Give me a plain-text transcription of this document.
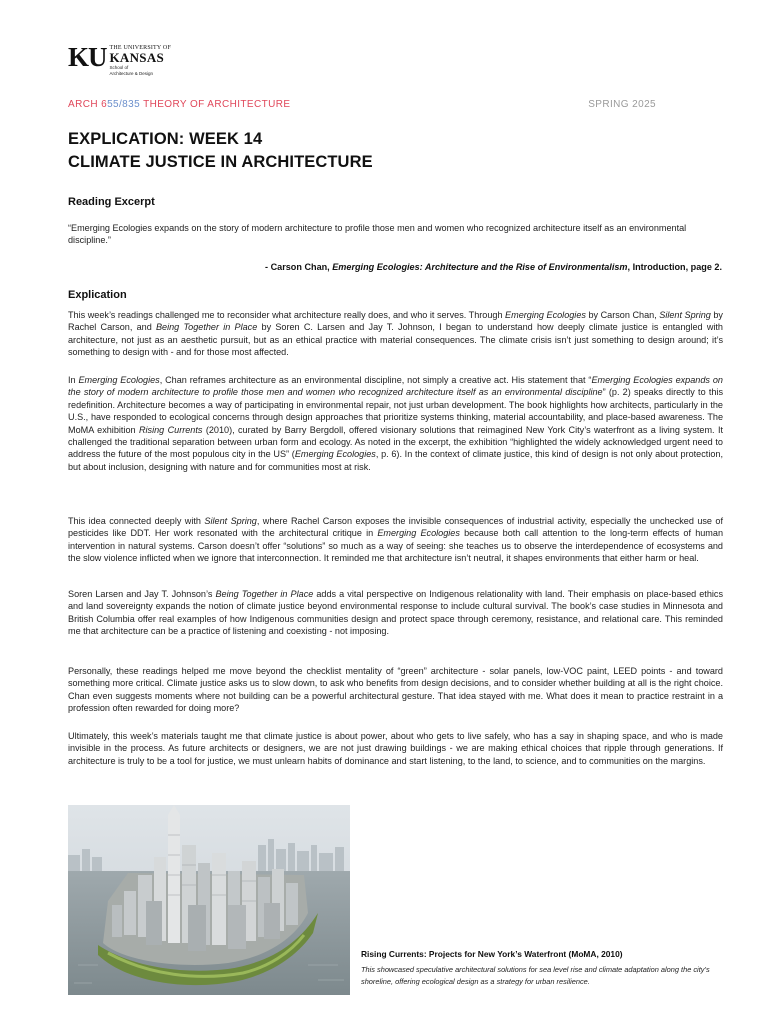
KU THE UNIVERSITY OF
KANSAS
School of
Architecture & Design
ARCH 655/835 THEORY OF ARCHITECTURE	SPRING 2025
EXPLICATION: WEEK 14
CLIMATE JUSTICE IN ARCHITECTURE
Reading Excerpt
“Emerging Ecologies expands on the story of modern architecture to profile those men and women who recognized architecture itself as an environmental discipline.”
- Carson Chan, Emerging Ecologies: Architecture and the Rise of Environmentalism, Introduction, page 2.
Explication
This week’s readings challenged me to reconsider what architecture really does, and who it serves. Through Emerging Ecologies by Carson Chan, Silent Spring by Rachel Carson, and Being Together in Place by Soren C. Larsen and Jay T. Johnson, I began to understand how deeply climate justice is entangled with architecture, not just as an aesthetic pursuit, but as an ethical practice with material consequences. The climate crisis isn’t just something to design around; it’s something to design with - and for those most affected.
In Emerging Ecologies, Chan reframes architecture as an environmental discipline, not simply a creative act. His statement that “Emerging Ecologies expands on the story of modern architecture to profile those men and women who recognized architecture itself as an environmental discipline” (p. 2) speaks directly to this redefinition. Architecture becomes a way of participating in environmental repair, not just urban development. The book highlights how architects, particularly in the U.S., have responded to ecological concerns through design approaches that prioritize systems thinking, material accountability, and place-based awareness. The MoMA exhibition Rising Currents (2010), curated by Barry Bergdoll, offered visionary solutions that reimagined New York City’s waterfront as a living system. It challenged the traditional separation between urban form and ecology. As noted in the excerpt, the exhibition “highlighted the widely acknowledged urgent need to address the future of the most populous city in the US” (Emerging Ecologies, p. 6). In the context of climate justice, this kind of design is not only about protection, but about inclusion, designing with nature and for communities most at risk.
This idea connected deeply with Silent Spring, where Rachel Carson exposes the invisible consequences of industrial activity, especially the unchecked use of pesticides like DDT. Her work resonated with the architectural critique in Emerging Ecologies because both call attention to the long-term effects of human intervention in natural systems. Carson doesn’t offer “solutions” so much as a way of seeing: she teaches us to observe the interdependence of ecosystems and the slow violence inflicted when we ignore that interconnection. It reminded me that architecture isn’t neutral, it shapes environments that either harm or heal.
Soren Larsen and Jay T. Johnson’s Being Together in Place adds a vital perspective on Indigenous relationality with land. Their emphasis on place-based ethics and land sovereignty expands the notion of climate justice beyond environmental response to include cultural survival. The book’s case studies in Minnesota and British Columbia offer real examples of how Indigenous communities design and protect space through ceremony, resistance, and relational care. This reminded me that architecture can be a practice of listening and coexisting - not imposing.
Personally, these readings helped me move beyond the checklist mentality of “green” architecture - solar panels, low-VOC paint, LEED points - and toward something more critical. Climate justice asks us to slow down, to ask who benefits from design decisions, and to consider whether building at all is the right choice. Chan even suggests moments where not building can be a powerful architectural gesture. That idea stayed with me. What does it mean to practice restraint in a profession often rewarded for doing more?
Ultimately, this week’s materials taught me that climate justice is about power, about who gets to live safely, who has a say in shaping space, and who is made invisible in the process. As future architects or designers, we are not just drawing buildings - we are making ethical choices that ripple through generations. If architecture is truly to be a tool for justice, we must unlearn habits of dominance and start listening, to the land, to science, and to communities on the margins.
Rising Currents: Projects for New York’s Waterfront (MoMA, 2010)
This showcased speculative architectural solutions for sea level rise and climate adaptation along the city’s shoreline, offering ecological design as a strategy for urban resilience.
